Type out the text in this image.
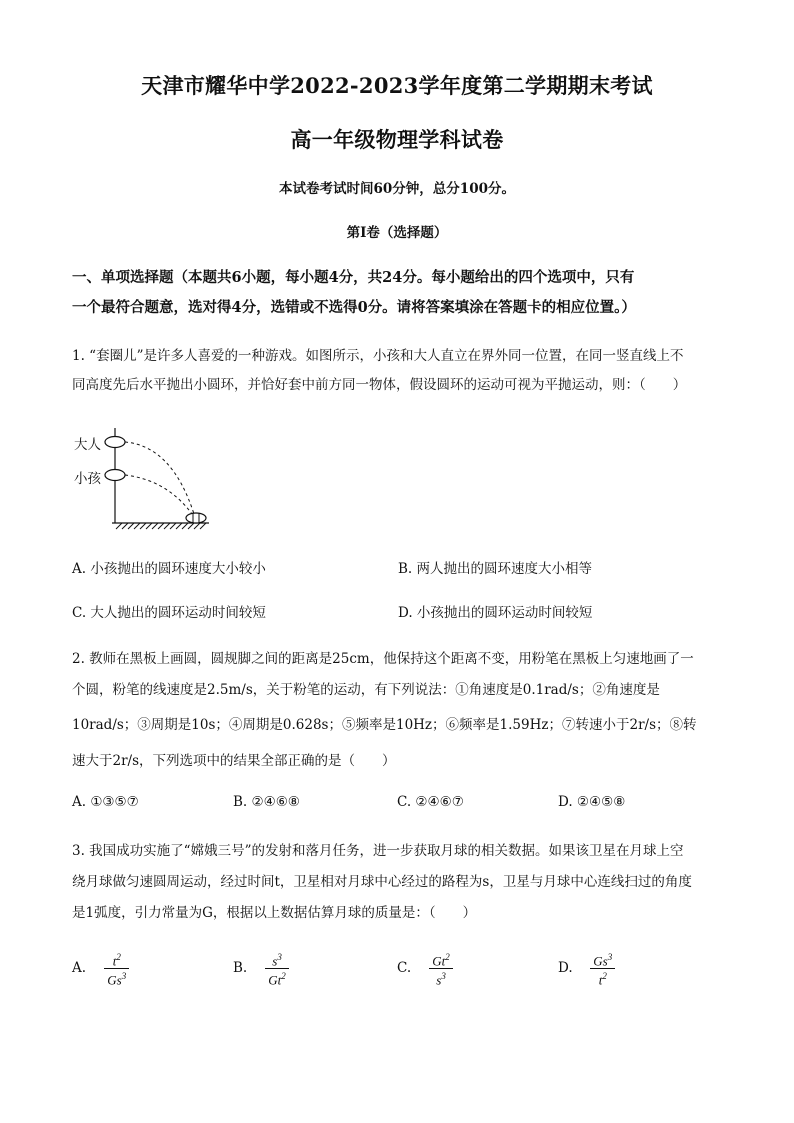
天津市耀华中学2022-2023学年度第二学期期末考试
高一年级物理学科试卷
本试卷考试时间60分钟，总分100分。
第Ⅰ卷（选择题）
一、单项选择题（本题共6小题，每小题4分，共24分。每小题给出的四个选项中，只有
一个最符合题意，选对得4分，选错或不选得0分。请将答案填涂在答题卡的相应位置。）
1. “套圈儿”是许多人喜爱的一种游戏。如图所示，小孩和大人直立在界外同一位置，在同一竖直线上不
同高度先后水平抛出小圆环，并恰好套中前方同一物体，假设圆环的运动可视为平抛运动，则：（　　）
大人
小孩
A. 小孩抛出的圆环速度大小较小	B. 两人抛出的圆环速度大小相等
C. 大人抛出的圆环运动时间较短	D. 小孩抛出的圆环运动时间较短
2. 教师在黑板上画圆，圆规脚之间的距离是25cm，他保持这个距离不变，用粉笔在黑板上匀速地画了一
个圆，粉笔的线速度是2.5m/s，关于粉笔的运动，有下列说法：①角速度是0.1rad/s；②角速度是
10rad/s；③周期是10s；④周期是0.628s；⑤频率是10Hz；⑥频率是1.59Hz；⑦转速小于2r/s；⑧转
速大于2r/s，下列选项中的结果全部正确的是（　　）
A. ①③⑤⑦	B. ②④⑥⑧	C. ②④⑥⑦	D. ②④⑤⑧
3. 我国成功实施了“嫦娥三号”的发射和落月任务，进一步获取月球的相关数据。如果该卫星在月球上空
绕月球做匀速圆周运动，经过时间t，卫星相对月球中心经过的路程为s，卫星与月球中心连线扫过的角度
是1弧度，引力常量为G，根据以上数据估算月球的质量是：（　　）
A. $\frac{t^2}{Gs^3}$	B. $\frac{s^3}{Gt^2}$	C. $\frac{Gt^2}{s^3}$	D. $\frac{Gs^3}{t^2}$
